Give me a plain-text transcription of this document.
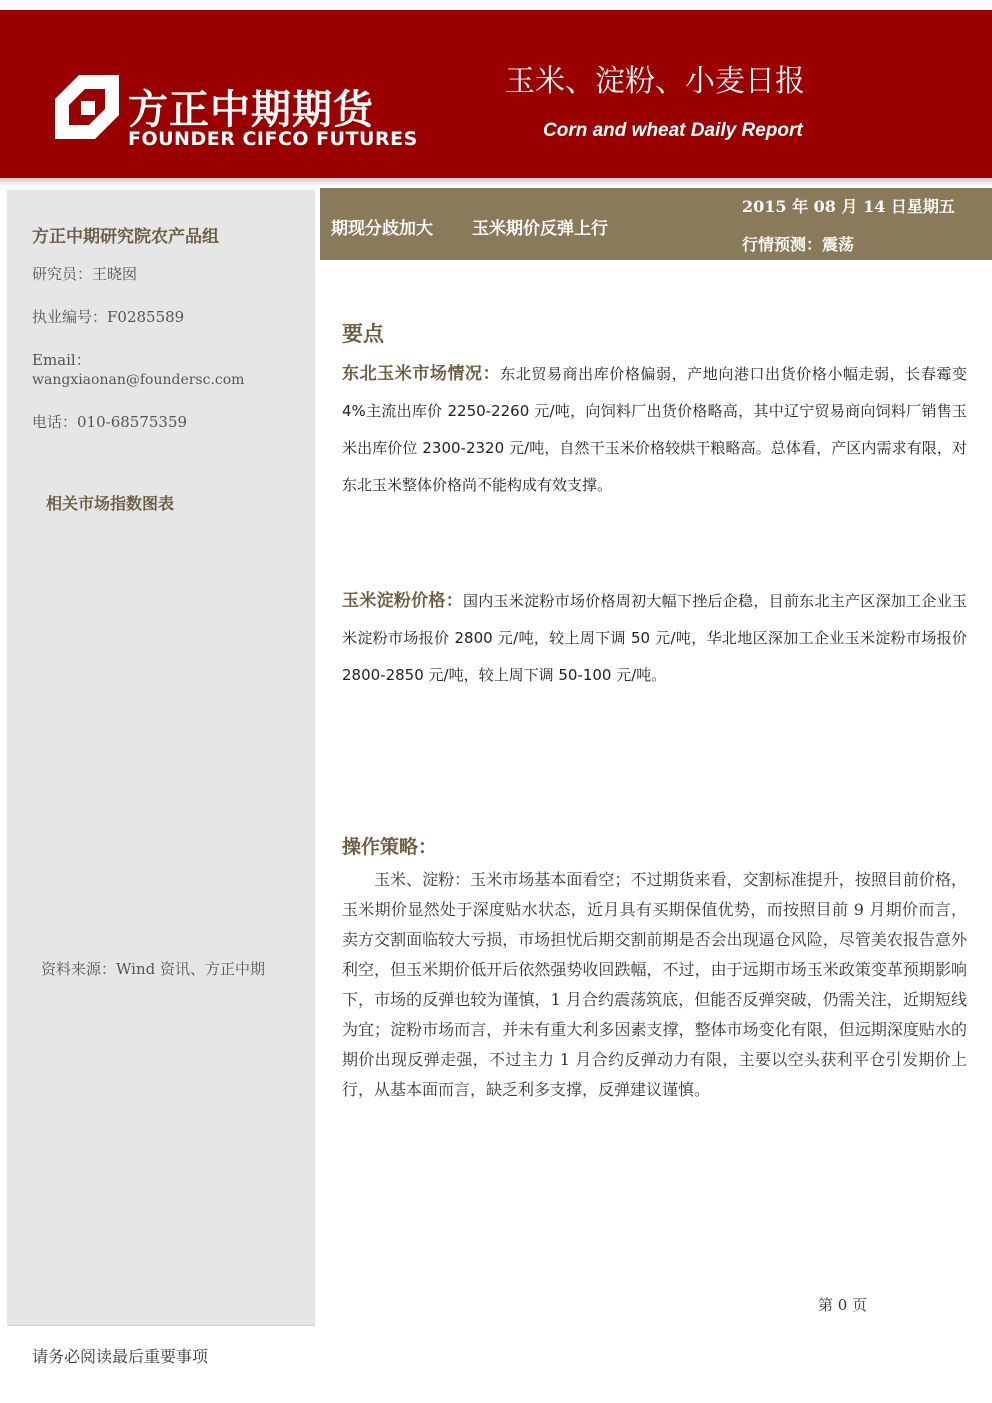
方正中期期货
FOUNDER CIFCO FUTURES
玉米、淀粉、小麦日报
Corn and wheat Daily Report
方正中期研究院农产品组
研究员：王晓囡
执业编号：F0285589
Email：
wangxiaonan@foundersc.com
电话：010-68575359
相关市场指数图表
资料来源：Wind 资讯、方正中期
期现分歧加大 玉米期价反弹上行
2015 年 08 月 14 日星期五
行情预测：震荡
要点

东北玉米市场情况：东北贸易商出库价格偏弱，产地向港口出货价格小幅走弱，长春霉变 4%主流出库价 2250-2260 元/吨，向饲料厂出货价格略高，其中辽宁贸易商向饲料厂销售玉米出库价位 2300-2320 元/吨，自然干玉米价格较烘干粮略高。总体看，产区内需求有限，对东北玉米整体价格尚不能构成有效支撑。

玉米淀粉价格：国内玉米淀粉市场价格周初大幅下挫后企稳，目前东北主产区深加工企业玉米淀粉市场报价 2800 元/吨，较上周下调 50 元/吨，华北地区深加工企业玉米淀粉市场报价 2800-2850 元/吨，较上周下调 50-100 元/吨。

操作策略：

玉米、淀粉：玉米市场基本面看空；不过期货来看，交割标准提升，按照目前价格，玉米期价显然处于深度贴水状态，近月具有买期保值优势，而按照目前 9 月期价而言，卖方交割面临较大亏损，市场担忧后期交割前期是否会出现逼仓风险，尽管美农报告意外利空，但玉米期价低开后依然强势收回跌幅，不过，由于远期市场玉米政策变革预期影响下，市场的反弹也较为谨慎，1 月合约震荡筑底，但能否反弹突破，仍需关注，近期短线为宜；淀粉市场而言，并未有重大利多因素支撑，整体市场变化有限，但远期深度贴水的期价出现反弹走强，不过主力 1 月合约反弹动力有限，主要以空头获利平仓引发期价上行，从基本面而言，缺乏利多支撑，反弹建议谨慎。

第 0 页
请务必阅读最后重要事项
